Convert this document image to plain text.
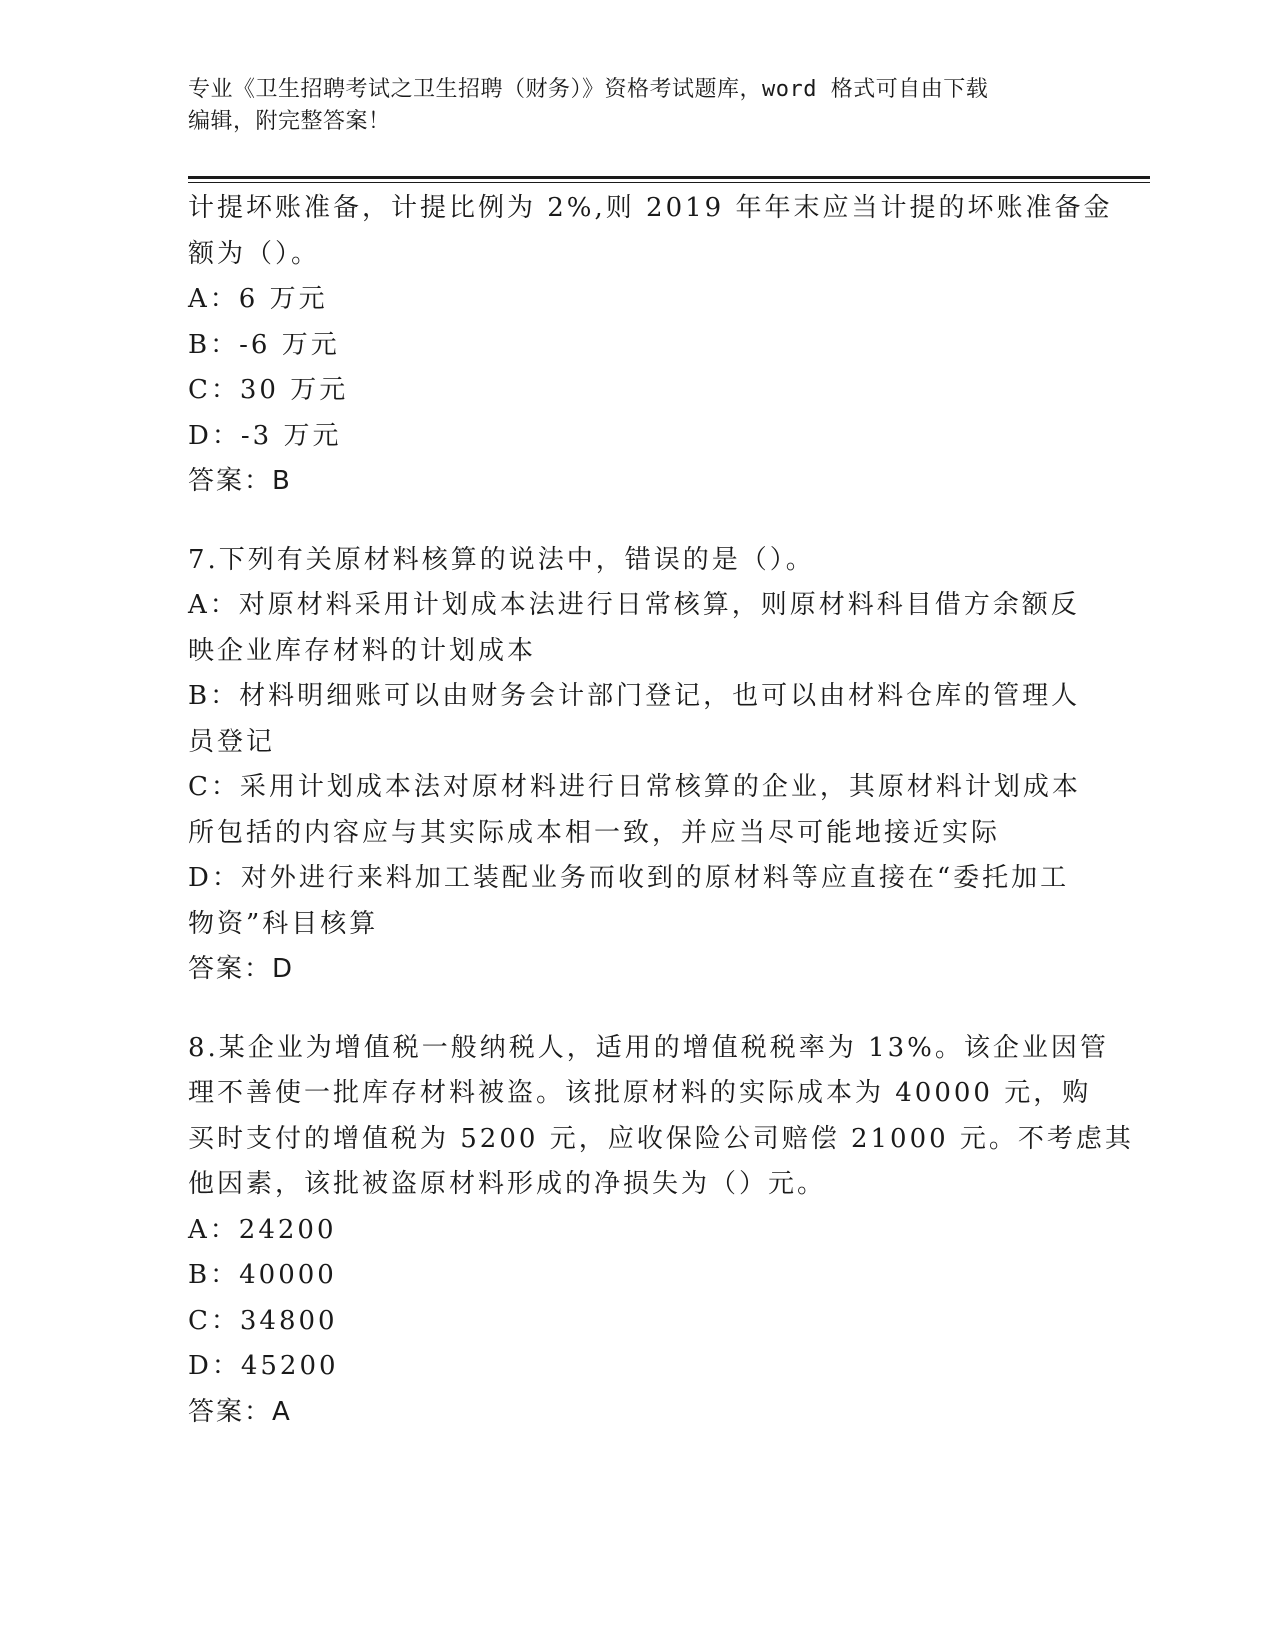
专业《卫生招聘考试之卫生招聘（财务）》资格考试题库，word 格式可自由下载
编辑，附完整答案！
计提坏账准备，计提比例为 2%,则 2019 年年末应当计提的坏账准备金
额为（）。
A：6 万元
B：-6 万元
C：30 万元
D：-3 万元
答案：B
7.下列有关原材料核算的说法中，错误的是（）。
A：对原材料采用计划成本法进行日常核算，则原材料科目借方余额反
映企业库存材料的计划成本
B：材料明细账可以由财务会计部门登记，也可以由材料仓库的管理人
员登记
C：采用计划成本法对原材料进行日常核算的企业，其原材料计划成本
所包括的内容应与其实际成本相一致，并应当尽可能地接近实际
D：对外进行来料加工装配业务而收到的原材料等应直接在“委托加工
物资”科目核算
答案：D
8.某企业为增值税一般纳税人，适用的增值税税率为 13%。该企业因管
理不善使一批库存材料被盗。该批原材料的实际成本为 40000 元，购
买时支付的增值税为 5200 元，应收保险公司赔偿 21000 元。不考虑其
他因素，该批被盗原材料形成的净损失为（）元。
A：24200
B：40000
C：34800
D：45200
答案：A
